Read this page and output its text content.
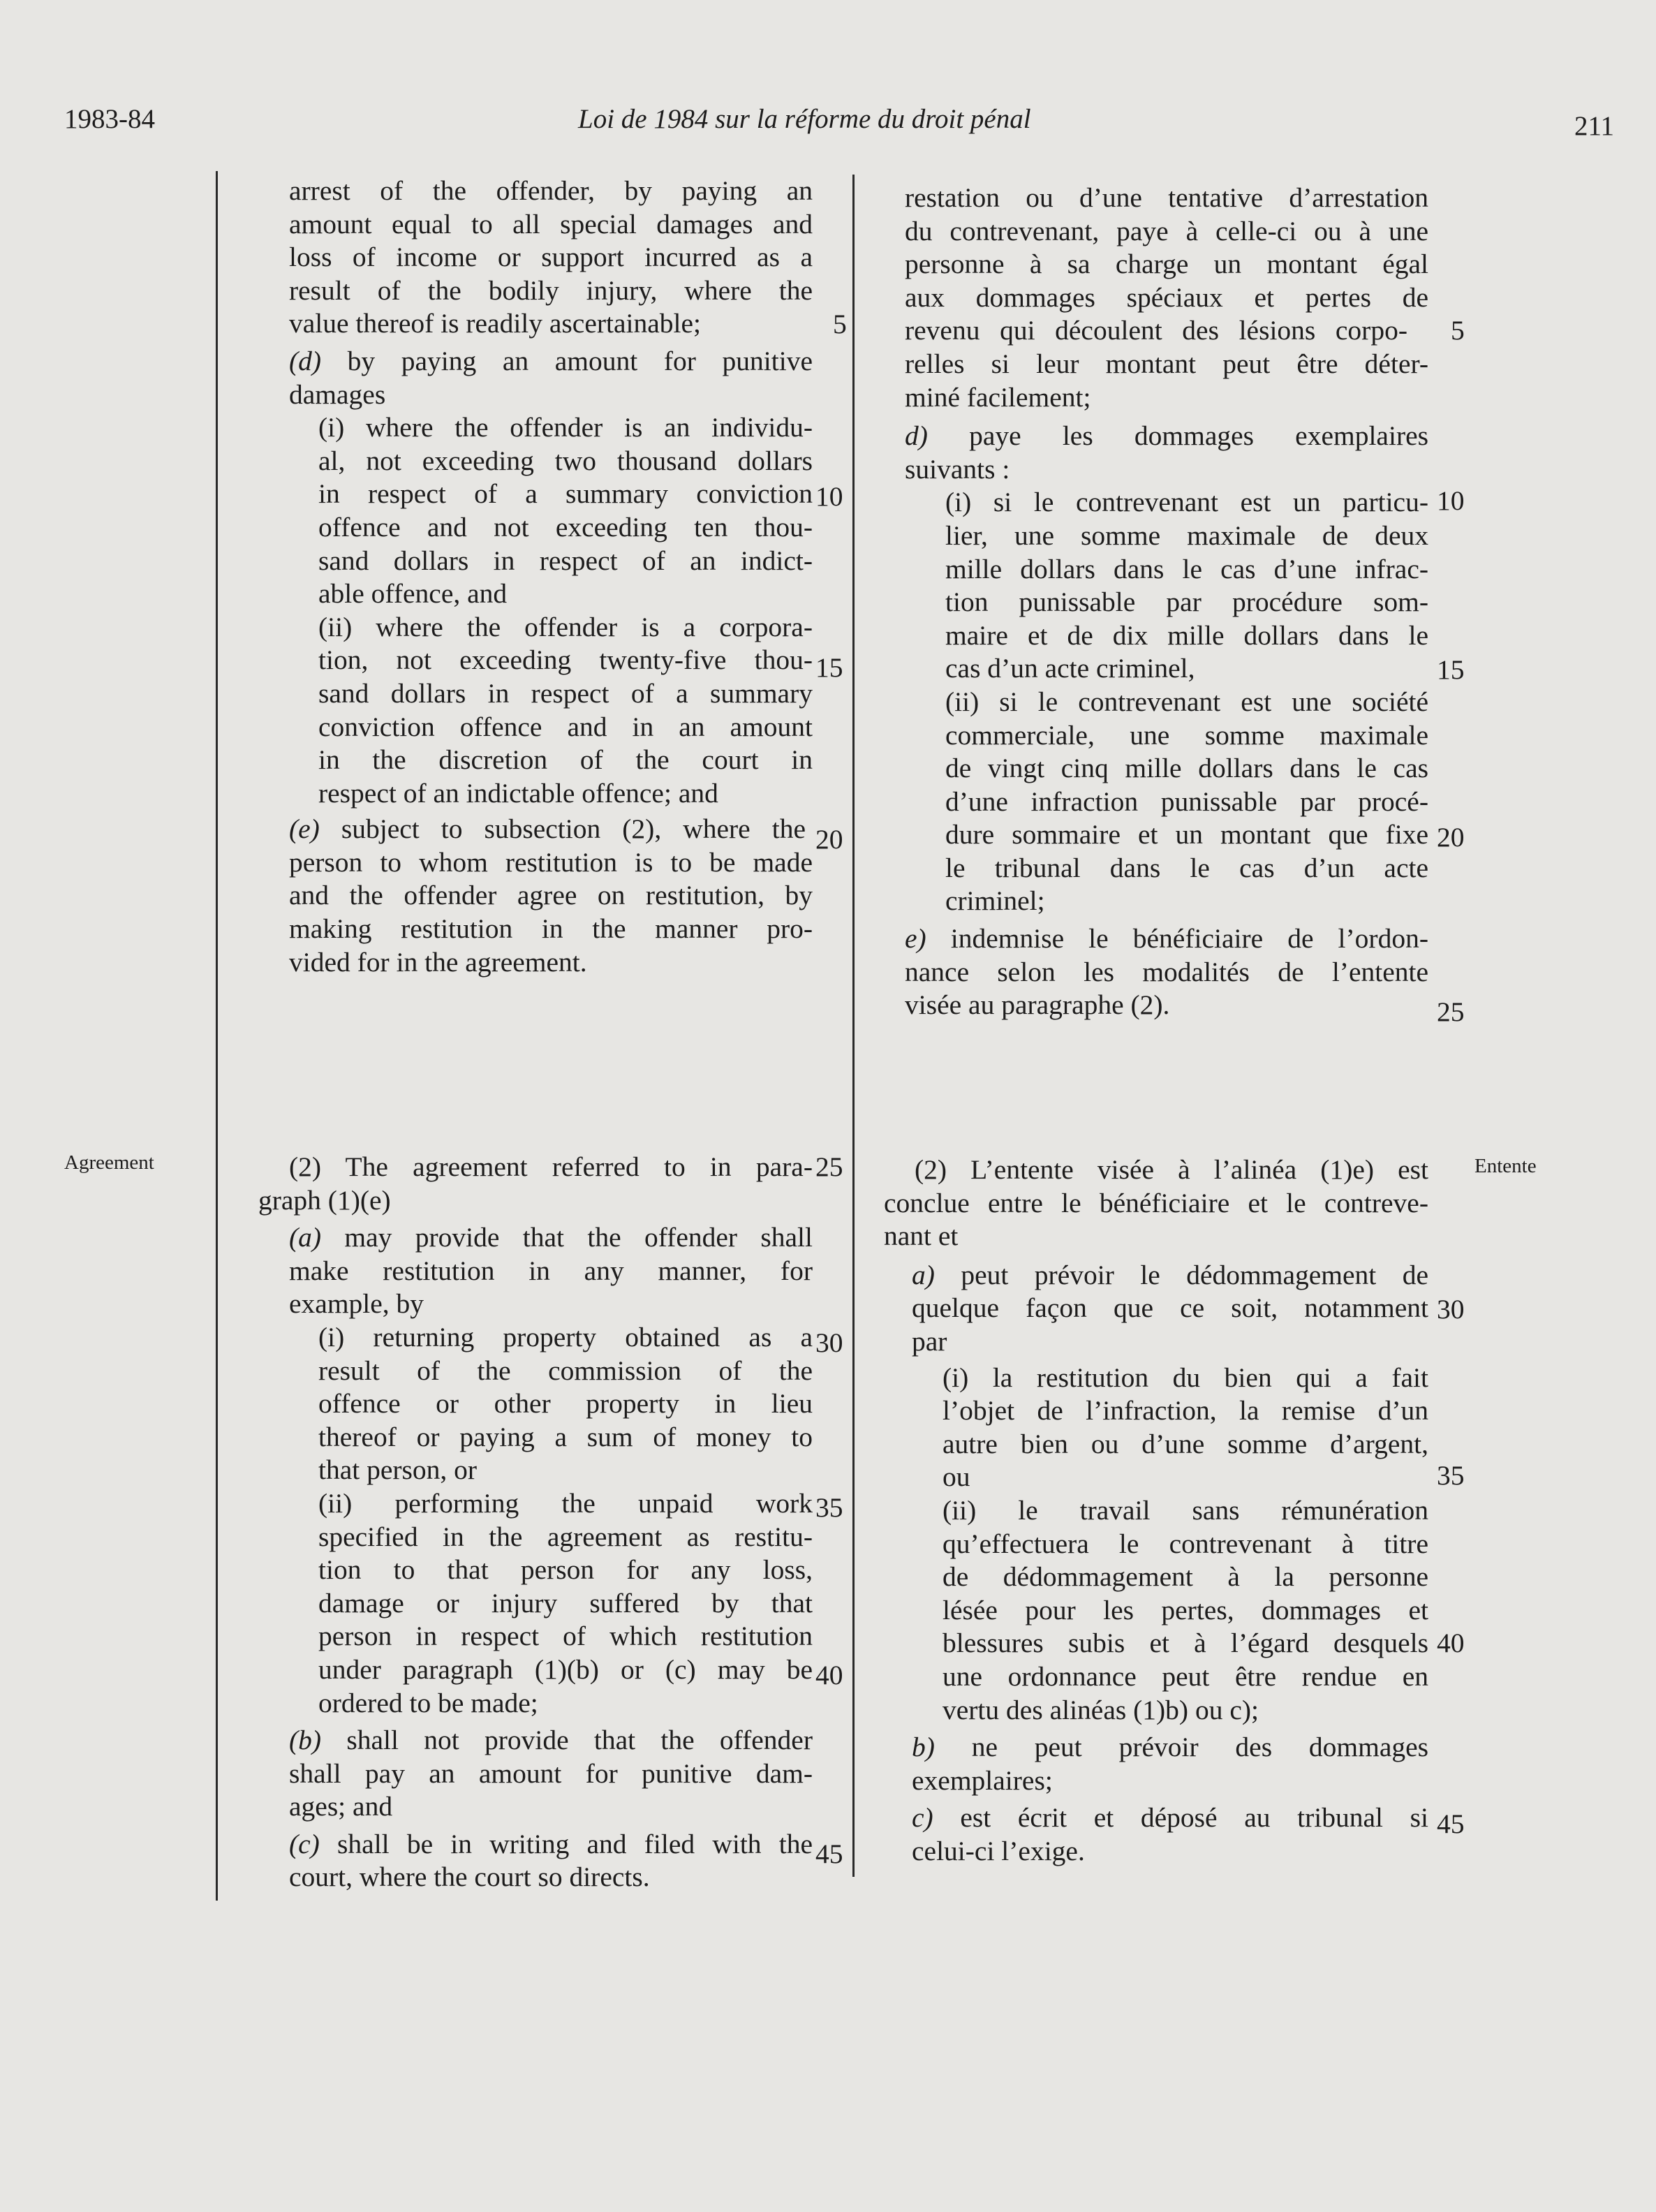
1983-84	Loi de 1984 sur la réforme du droit pénal	211

arrest of the offender, by paying an
amount equal to all special damages and
loss of income or support incurred as a
result of the bodily injury, where the
value thereof is readily ascertainable;

(d) by paying an amount for punitive
damages

(i) where the offender is an individu-
al, not exceeding two thousand dollars
in respect of a summary conviction
offence and not exceeding ten thou-
sand dollars in respect of an indict-
able offence, and

(ii) where the offender is a corpora-
tion, not exceeding twenty-five thou-
sand dollars in respect of a summary
conviction offence and in an amount
in the discretion of the court in
respect of an indictable offence; and

(e) subject to subsection (2), where the
person to whom restitution is to be made
and the offender agree on restitution, by
making restitution in the manner pro-
vided for in the agreement.

restation ou d’une tentative d’arrestation
du contrevenant, paye à celle-ci ou à une
personne à sa charge un montant égal
aux dommages spéciaux et pertes de
revenu qui découlent des lésions corpo-
relles si leur montant peut être déter-
miné facilement;

d) paye les dommages exemplaires
suivants :

(i) si le contrevenant est un particu-
lier, une somme maximale de deux
mille dollars dans le cas d’une infrac-
tion punissable par procédure som-
maire et de dix mille dollars dans le
cas d’un acte criminel,

(ii) si le contrevenant est une société
commerciale, une somme maximale
de vingt cinq mille dollars dans le cas
d’une infraction punissable par procé-
dure sommaire et un montant que fixe
le tribunal dans le cas d’un acte
criminel;

e) indemnise le bénéficiaire de l’ordon-
nance selon les modalités de l’entente
visée au paragraphe (2).

Agreement	Entente

(2) The agreement referred to in para-
graph (1)(e)

(a) may provide that the offender shall
make restitution in any manner, for
example, by

(i) returning property obtained as a
result of the commission of the
offence or other property in lieu
thereof or paying a sum of money to
that person, or

(ii) performing the unpaid work
specified in the agreement as restitu-
tion to that person for any loss,
damage or injury suffered by that
person in respect of which restitution
under paragraph (1)(b) or (c) may be
ordered to be made;

(b) shall not provide that the offender
shall pay an amount for punitive dam-
ages; and

(c) shall be in writing and filed with the
court, where the court so directs.

(2) L’entente visée à l’alinéa (1)e) est
conclue entre le bénéficiaire et le contreve-
nant et

a) peut prévoir le dédommagement de
quelque façon que ce soit, notamment
par

(i) la restitution du bien qui a fait
l’objet de l’infraction, la remise d’un
autre bien ou d’une somme d’argent,
ou

(ii) le travail sans rémunération
qu’effectuera le contrevenant à titre
de dédommagement à la personne
lésée pour les pertes, dommages et
blessures subis et à l’égard desquels
une ordonnance peut être rendue en
vertu des alinéas (1)b) ou c);

b) ne peut prévoir des dommages
exemplaires;

c) est écrit et déposé au tribunal si
celui-ci l’exige.

5
10
15
20
25
30
35
40
45
5
10
15
20
25
30
35
40
45
